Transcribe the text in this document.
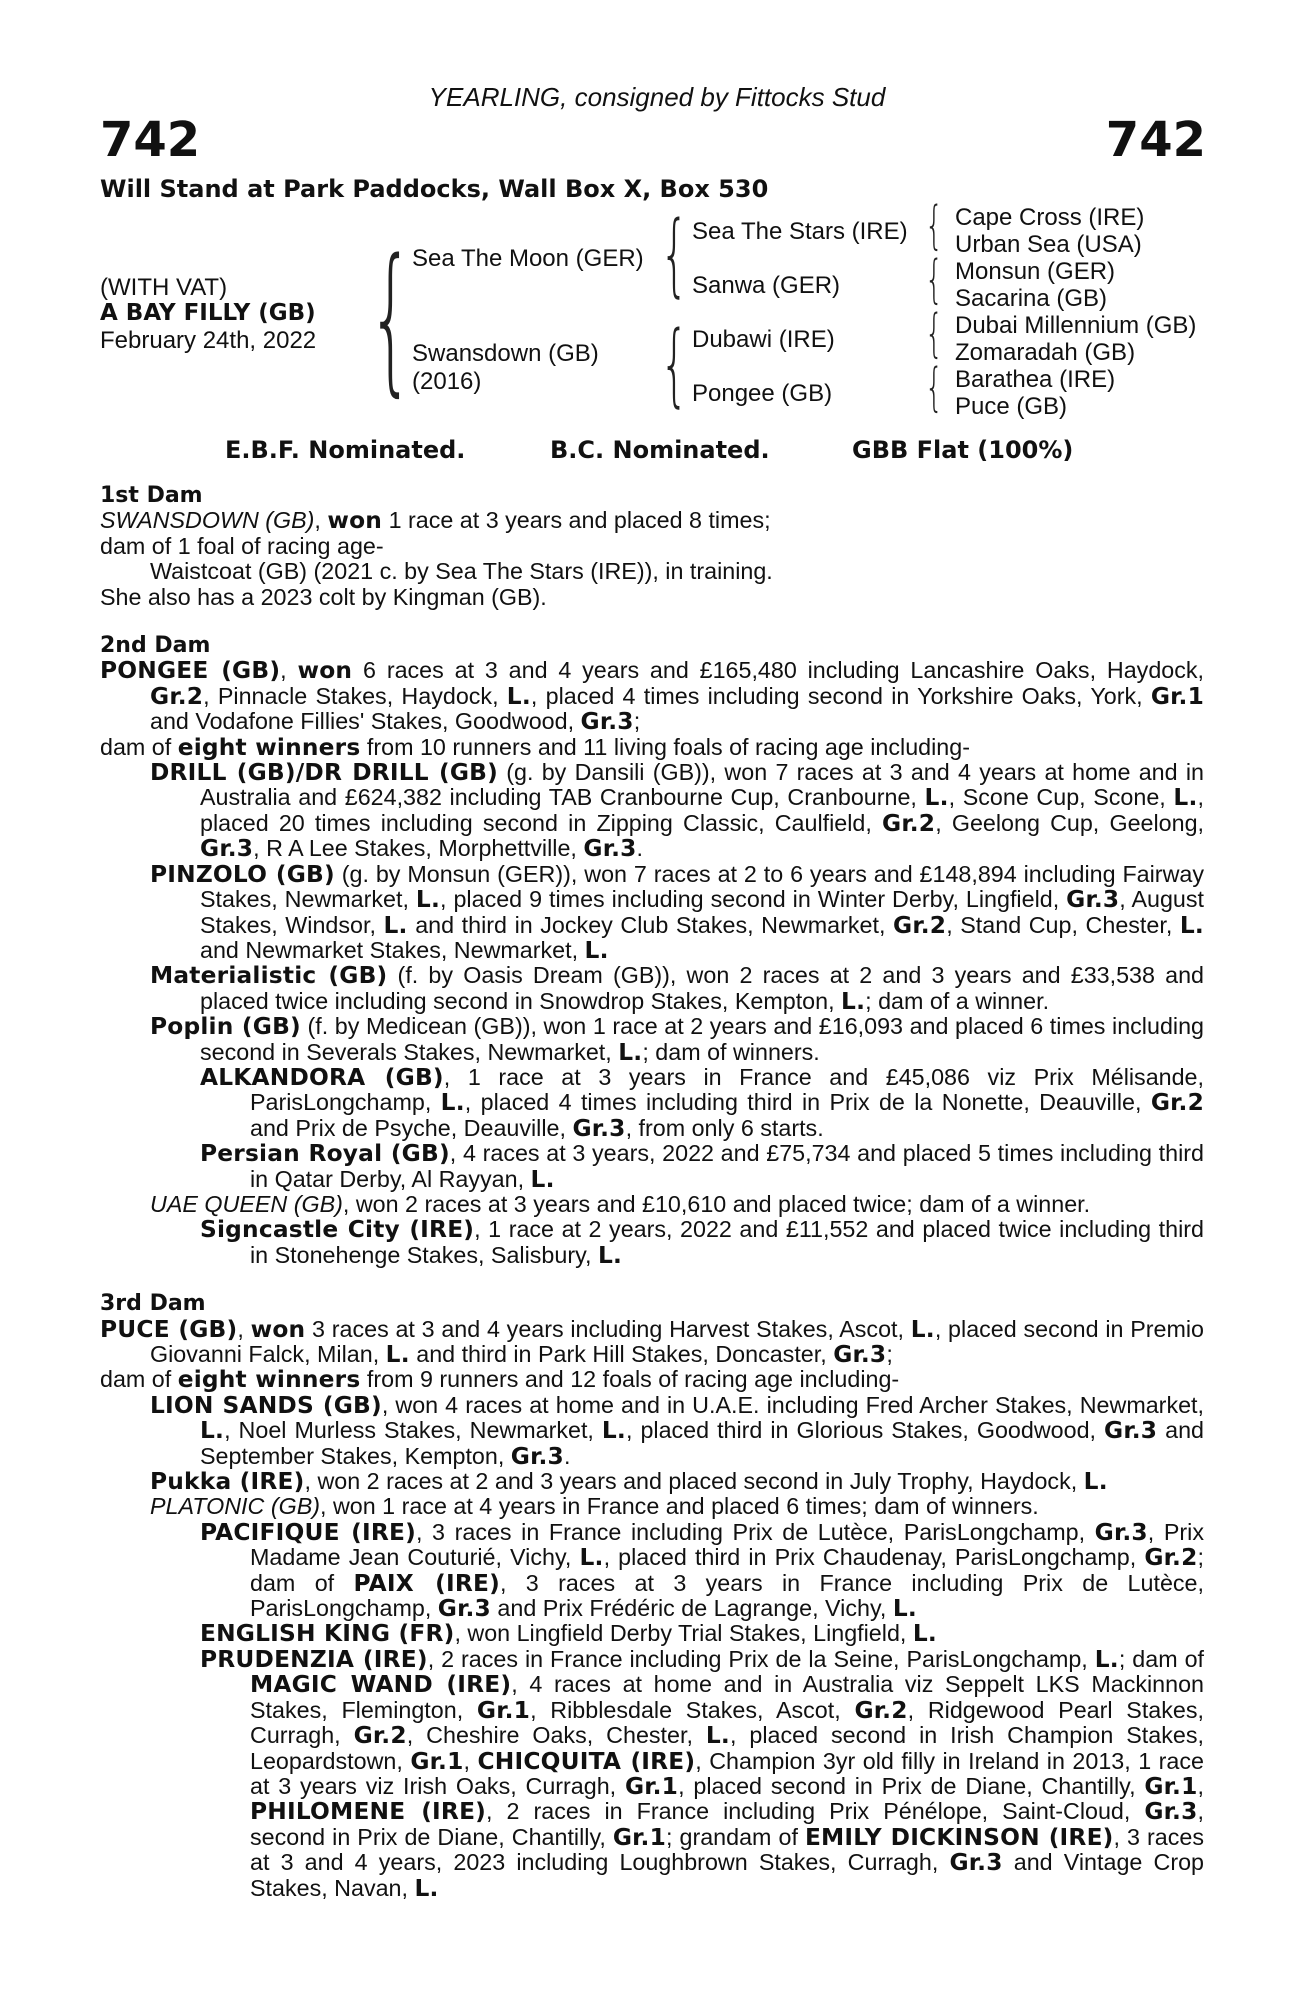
YEARLING, consigned by Fittocks Stud
742	742
Will Stand at Park Paddocks, Wall Box X, Box 530
(WITH VAT)
A BAY FILLY (GB)
February 24th, 2022 {
Sea The Moon (GER)
Swansdown (GB)
(2016)
{
{
Sea The Stars (IRE)
Sanwa (GER)
Dubawi (IRE)
Pongee (GB)
{
{
{
{
Cape Cross (IRE)
Urban Sea (USA)
Monsun (GER)
Sacarina (GB)
Dubai Millennium (GB)
Zomaradah (GB)
Barathea (IRE)
Puce (GB)
E.B.F. Nominated.	B.C. Nominated.	GBB Flat (100%)
1st Dam
SWANSDOWN (GB), won 1 race at 3 years and placed 8 times;
dam of 1 foal of racing age-
Waistcoat (GB) (2021 c. by Sea The Stars (IRE)), in training.
She also has a 2023 colt by Kingman (GB).
2nd Dam
PONGEE (GB), won 6 races at 3 and 4 years and £165,480 including Lancashire Oaks, Haydock, Gr.2, Pinnacle Stakes, Haydock, L., placed 4 times including second in Yorkshire Oaks, York, Gr.1 and Vodafone Fillies' Stakes, Goodwood, Gr.3;
dam of eight winners from 10 runners and 11 living foals of racing age including-
DRILL (GB)/DR DRILL (GB) (g. by Dansili (GB)), won 7 races at 3 and 4 years at home and in Australia and £624,382 including TAB Cranbourne Cup, Cranbourne, L., Scone Cup, Scone, L., placed 20 times including second in Zipping Classic, Caulfield, Gr.2, Geelong Cup, Geelong, Gr.3, R A Lee Stakes, Morphettville, Gr.3.
PINZOLO (GB) (g. by Monsun (GER)), won 7 races at 2 to 6 years and £148,894 including Fairway Stakes, Newmarket, L., placed 9 times including second in Winter Derby, Lingfield, Gr.3, August Stakes, Windsor, L. and third in Jockey Club Stakes, Newmarket, Gr.2, Stand Cup, Chester, L. and Newmarket Stakes, Newmarket, L.
Materialistic (GB) (f. by Oasis Dream (GB)), won 2 races at 2 and 3 years and £33,538 and placed twice including second in Snowdrop Stakes, Kempton, L.; dam of a winner.
Poplin (GB) (f. by Medicean (GB)), won 1 race at 2 years and £16,093 and placed 6 times including second in Severals Stakes, Newmarket, L.; dam of winners.
ALKANDORA (GB), 1 race at 3 years in France and £45,086 viz Prix Mélisande, ParisLongchamp, L., placed 4 times including third in Prix de la Nonette, Deauville, Gr.2 and Prix de Psyche, Deauville, Gr.3, from only 6 starts.
Persian Royal (GB), 4 races at 3 years, 2022 and £75,734 and placed 5 times including third in Qatar Derby, Al Rayyan, L.
UAE QUEEN (GB), won 2 races at 3 years and £10,610 and placed twice; dam of a winner.
Signcastle City (IRE), 1 race at 2 years, 2022 and £11,552 and placed twice including third in Stonehenge Stakes, Salisbury, L.
3rd Dam
PUCE (GB), won 3 races at 3 and 4 years including Harvest Stakes, Ascot, L., placed second in Premio Giovanni Falck, Milan, L. and third in Park Hill Stakes, Doncaster, Gr.3;
dam of eight winners from 9 runners and 12 foals of racing age including-
LION SANDS (GB), won 4 races at home and in U.A.E. including Fred Archer Stakes, Newmarket, L., Noel Murless Stakes, Newmarket, L., placed third in Glorious Stakes, Goodwood, Gr.3 and September Stakes, Kempton, Gr.3.
Pukka (IRE), won 2 races at 2 and 3 years and placed second in July Trophy, Haydock, L.
PLATONIC (GB), won 1 race at 4 years in France and placed 6 times; dam of winners.
PACIFIQUE (IRE), 3 races in France including Prix de Lutèce, ParisLongchamp, Gr.3, Prix Madame Jean Couturié, Vichy, L., placed third in Prix Chaudenay, ParisLongchamp, Gr.2; dam of PAIX (IRE), 3 races at 3 years in France including Prix de Lutèce, ParisLongchamp, Gr.3 and Prix Frédéric de Lagrange, Vichy, L.
ENGLISH KING (FR), won Lingfield Derby Trial Stakes, Lingfield, L.
PRUDENZIA (IRE), 2 races in France including Prix de la Seine, ParisLongchamp, L.; dam of MAGIC WAND (IRE), 4 races at home and in Australia viz Seppelt LKS Mackinnon Stakes, Flemington, Gr.1, Ribblesdale Stakes, Ascot, Gr.2, Ridgewood Pearl Stakes, Curragh, Gr.2, Cheshire Oaks, Chester, L., placed second in Irish Champion Stakes, Leopardstown, Gr.1, CHICQUITA (IRE), Champion 3yr old filly in Ireland in 2013, 1 race at 3 years viz Irish Oaks, Curragh, Gr.1, placed second in Prix de Diane, Chantilly, Gr.1, PHILOMENE (IRE), 2 races in France including Prix Pénélope, Saint-Cloud, Gr.3, second in Prix de Diane, Chantilly, Gr.1; grandam of EMILY DICKINSON (IRE), 3 races at 3 and 4 years, 2023 including Loughbrown Stakes, Curragh, Gr.3 and Vintage Crop Stakes, Navan, L.
